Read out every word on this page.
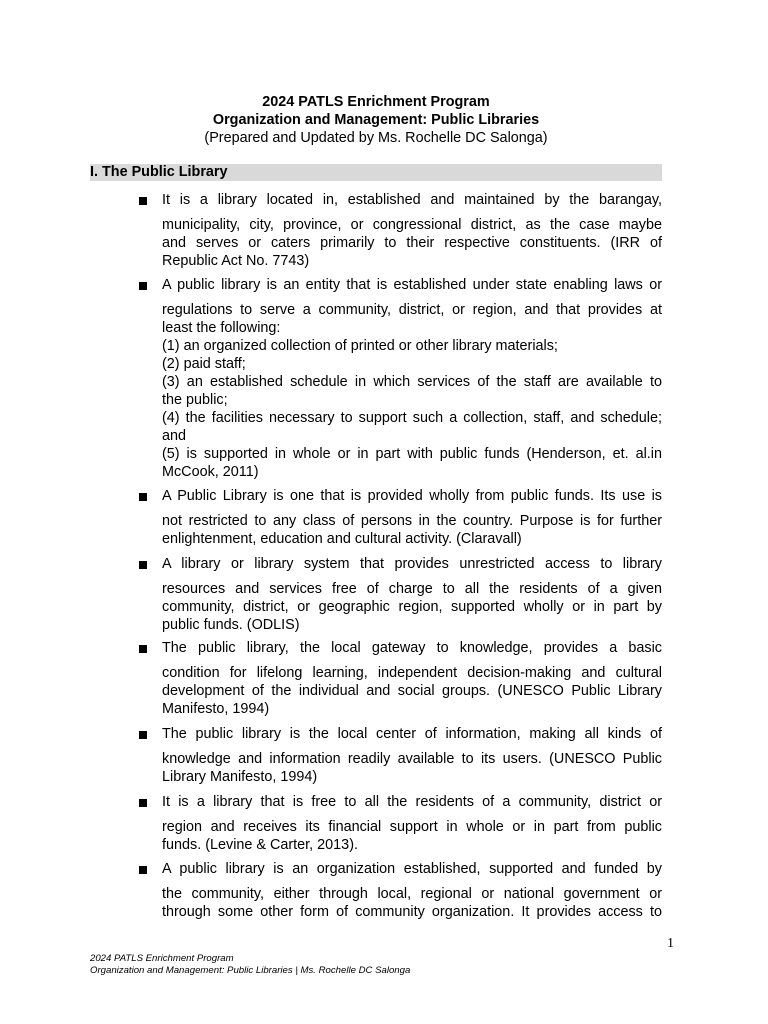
2024 PATLS Enrichment Program
Organization and Management: Public Libraries
(Prepared and Updated by Ms. Rochelle DC Salonga)
I. The Public Library
It is a library located in, established and maintained by the barangay,
municipality, city, province, or congressional district, as the case maybe
and serves or caters primarily to their respective constituents. (IRR of
Republic Act No. 7743)
A public library is an entity that is established under state enabling laws or
regulations to serve a community, district, or region, and that provides at
least the following:
(1) an organized collection of printed or other library materials;
(2) paid staff;
(3) an established schedule in which services of the staff are available to
the public;
(4) the facilities necessary to support such a collection, staff, and schedule;
and
(5) is supported in whole or in part with public funds (Henderson, et. al.in
McCook, 2011)
A Public Library is one that is provided wholly from public funds. Its use is
not restricted to any class of persons in the country. Purpose is for further
enlightenment, education and cultural activity. (Claravall)
A library or library system that provides unrestricted access to library
resources and services free of charge to all the residents of a given
community, district, or geographic region, supported wholly or in part by
public funds. (ODLIS)
The public library, the local gateway to knowledge, provides a basic
condition for lifelong learning, independent decision-making and cultural
development of the individual and social groups. (UNESCO Public Library
Manifesto, 1994)
The public library is the local center of information, making all kinds of
knowledge and information readily available to its users. (UNESCO Public
Library Manifesto, 1994)
It is a library that is free to all the residents of a community, district or
region and receives its financial support in whole or in part from public
funds. (Levine & Carter, 2013).
A public library is an organization established, supported and funded by
the community, either through local, regional or national government or
through some other form of community organization. It provides access to
1
2024 PATLS Enrichment Program
Organization and Management: Public Libraries | Ms. Rochelle DC Salonga
